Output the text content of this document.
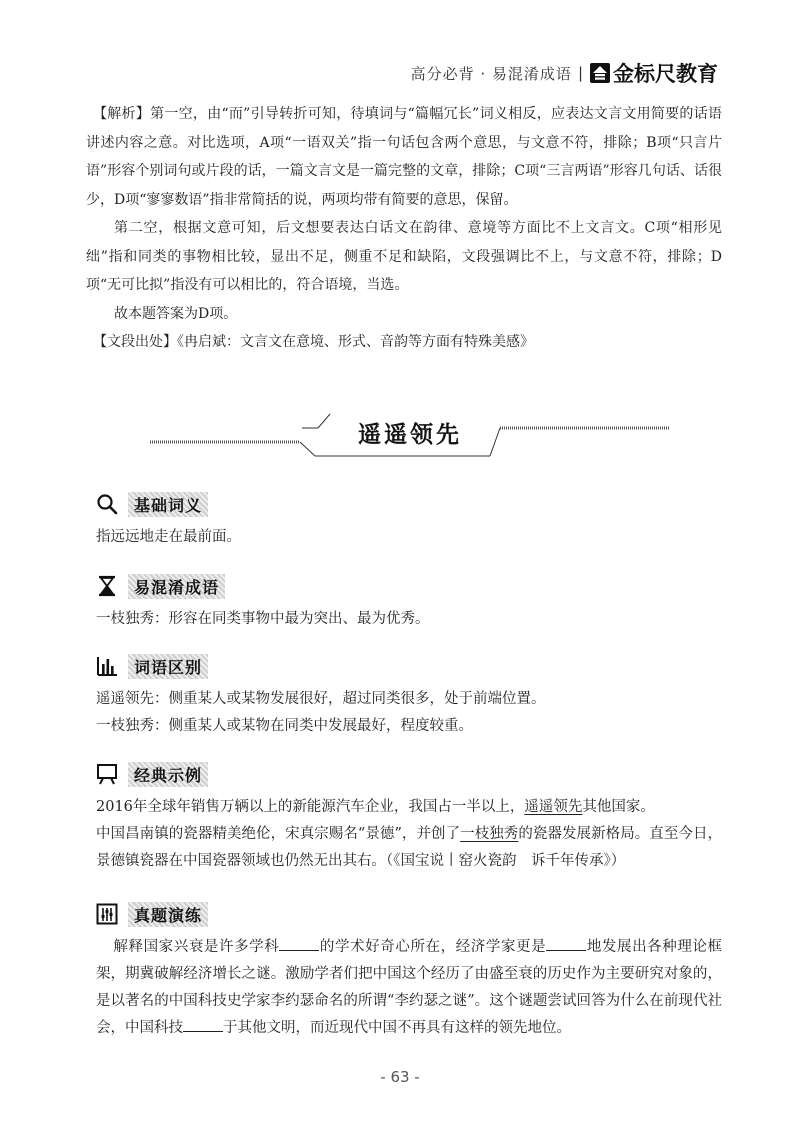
高分必背 · 易混淆成语 | 金标尺教育

【解析】第一空，由“而”引导转折可知，待填词与“篇幅冗长”词义相反，应表达文言文用简要的话语讲述内容之意。对比选项，A项“一语双关”指一句话包含两个意思，与文意不符，排除；B项“只言片语”形容个别词句或片段的话，一篇文言文是一篇完整的文章，排除；C项“三言两语”形容几句话、话很少，D项“寥寥数语”指非常简括的说，两项均带有简要的意思，保留。

第二空，根据文意可知，后文想要表达白话文在韵律、意境等方面比不上文言文。C项“相形见绌”指和同类的事物相比较，显出不足，侧重不足和缺陷，文段强调比不上，与文意不符，排除；D项“无可比拟”指没有可以相比的，符合语境，当选。

故本题答案为D项。

【文段出处】《冉启斌：文言文在意境、形式、音韵等方面有特殊美感》

遥遥领先
基础词义

指远远地走在最前面。

易混淆成语

一枝独秀：形容在同类事物中最为突出、最为优秀。

词语区别

遥遥领先：侧重某人或某物发展很好，超过同类很多，处于前端位置。

一枝独秀：侧重某人或某物在同类中发展最好，程度较重。

经典示例

2016年全球年销售万辆以上的新能源汽车企业，我国占一半以上，遥遥领先其他国家。

中国昌南镇的瓷器精美绝伦，宋真宗赐名“景德”，并创了一枝独秀的瓷器发展新格局。直至今日，景德镇瓷器在中国瓷器领域也仍然无出其右。（《国宝说丨窑火瓷韵　诉千年传承》）

真题演练

解释国家兴衰是许多学科	的学术好奇心所在，经济学家更是	地发展出各种理论框架，期冀破解经济增长之谜。激励学者们把中国这个经历了由盛至衰的历史作为主要研究对象的，是以著名的中国科技史学家李约瑟命名的所谓“李约瑟之谜”。这个谜题尝试回答为什么在前现代社会，中国科技	于其他文明，而近现代中国不再具有这样的领先地位。

- 63 -
